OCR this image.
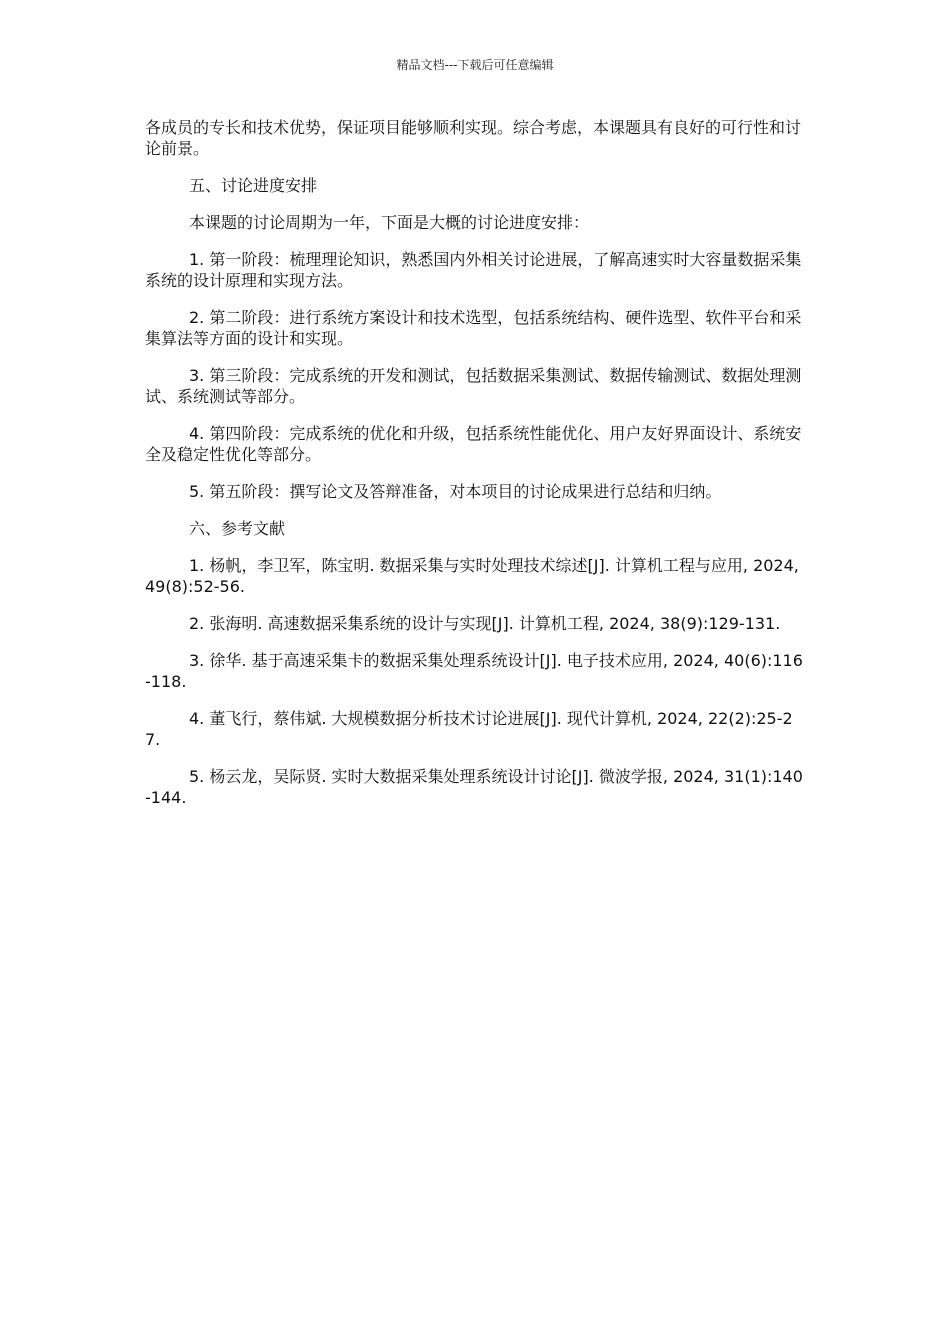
精品文档---下载后可任意编辑

各成员的专长和技术优势，保证项目能够顺利实现。综合考虑，本课题具有良好的可行性和讨论前景。

五、讨论进度安排

本课题的讨论周期为一年，下面是大概的讨论进度安排：

1. 第一阶段：梳理理论知识，熟悉国内外相关讨论进展，了解高速实时大容量数据采集系统的设计原理和实现方法。

2. 第二阶段：进行系统方案设计和技术选型，包括系统结构、硬件选型、软件平台和采集算法等方面的设计和实现。

3. 第三阶段：完成系统的开发和测试，包括数据采集测试、数据传输测试、数据处理测试、系统测试等部分。

4. 第四阶段：完成系统的优化和升级，包括系统性能优化、用户友好界面设计、系统安全及稳定性优化等部分。

5. 第五阶段：撰写论文及答辩准备，对本项目的讨论成果进行总结和归纳。

六、参考文献

1. 杨帆，李卫军，陈宝明. 数据采集与实时处理技术综述[J]. 计算机工程与应用, 2024, 49(8):52-56.

2. 张海明. 高速数据采集系统的设计与实现[J]. 计算机工程, 2024, 38(9):129-131.

3. 徐华. 基于高速采集卡的数据采集处理系统设计[J]. 电子技术应用, 2024, 40(6):116-118.

4. 董飞行，蔡伟斌. 大规模数据分析技术讨论进展[J]. 现代计算机, 2024, 22(2):25-27.

5. 杨云龙，吴际贤. 实时大数据采集处理系统设计讨论[J]. 微波学报, 2024, 31(1):140-144.
